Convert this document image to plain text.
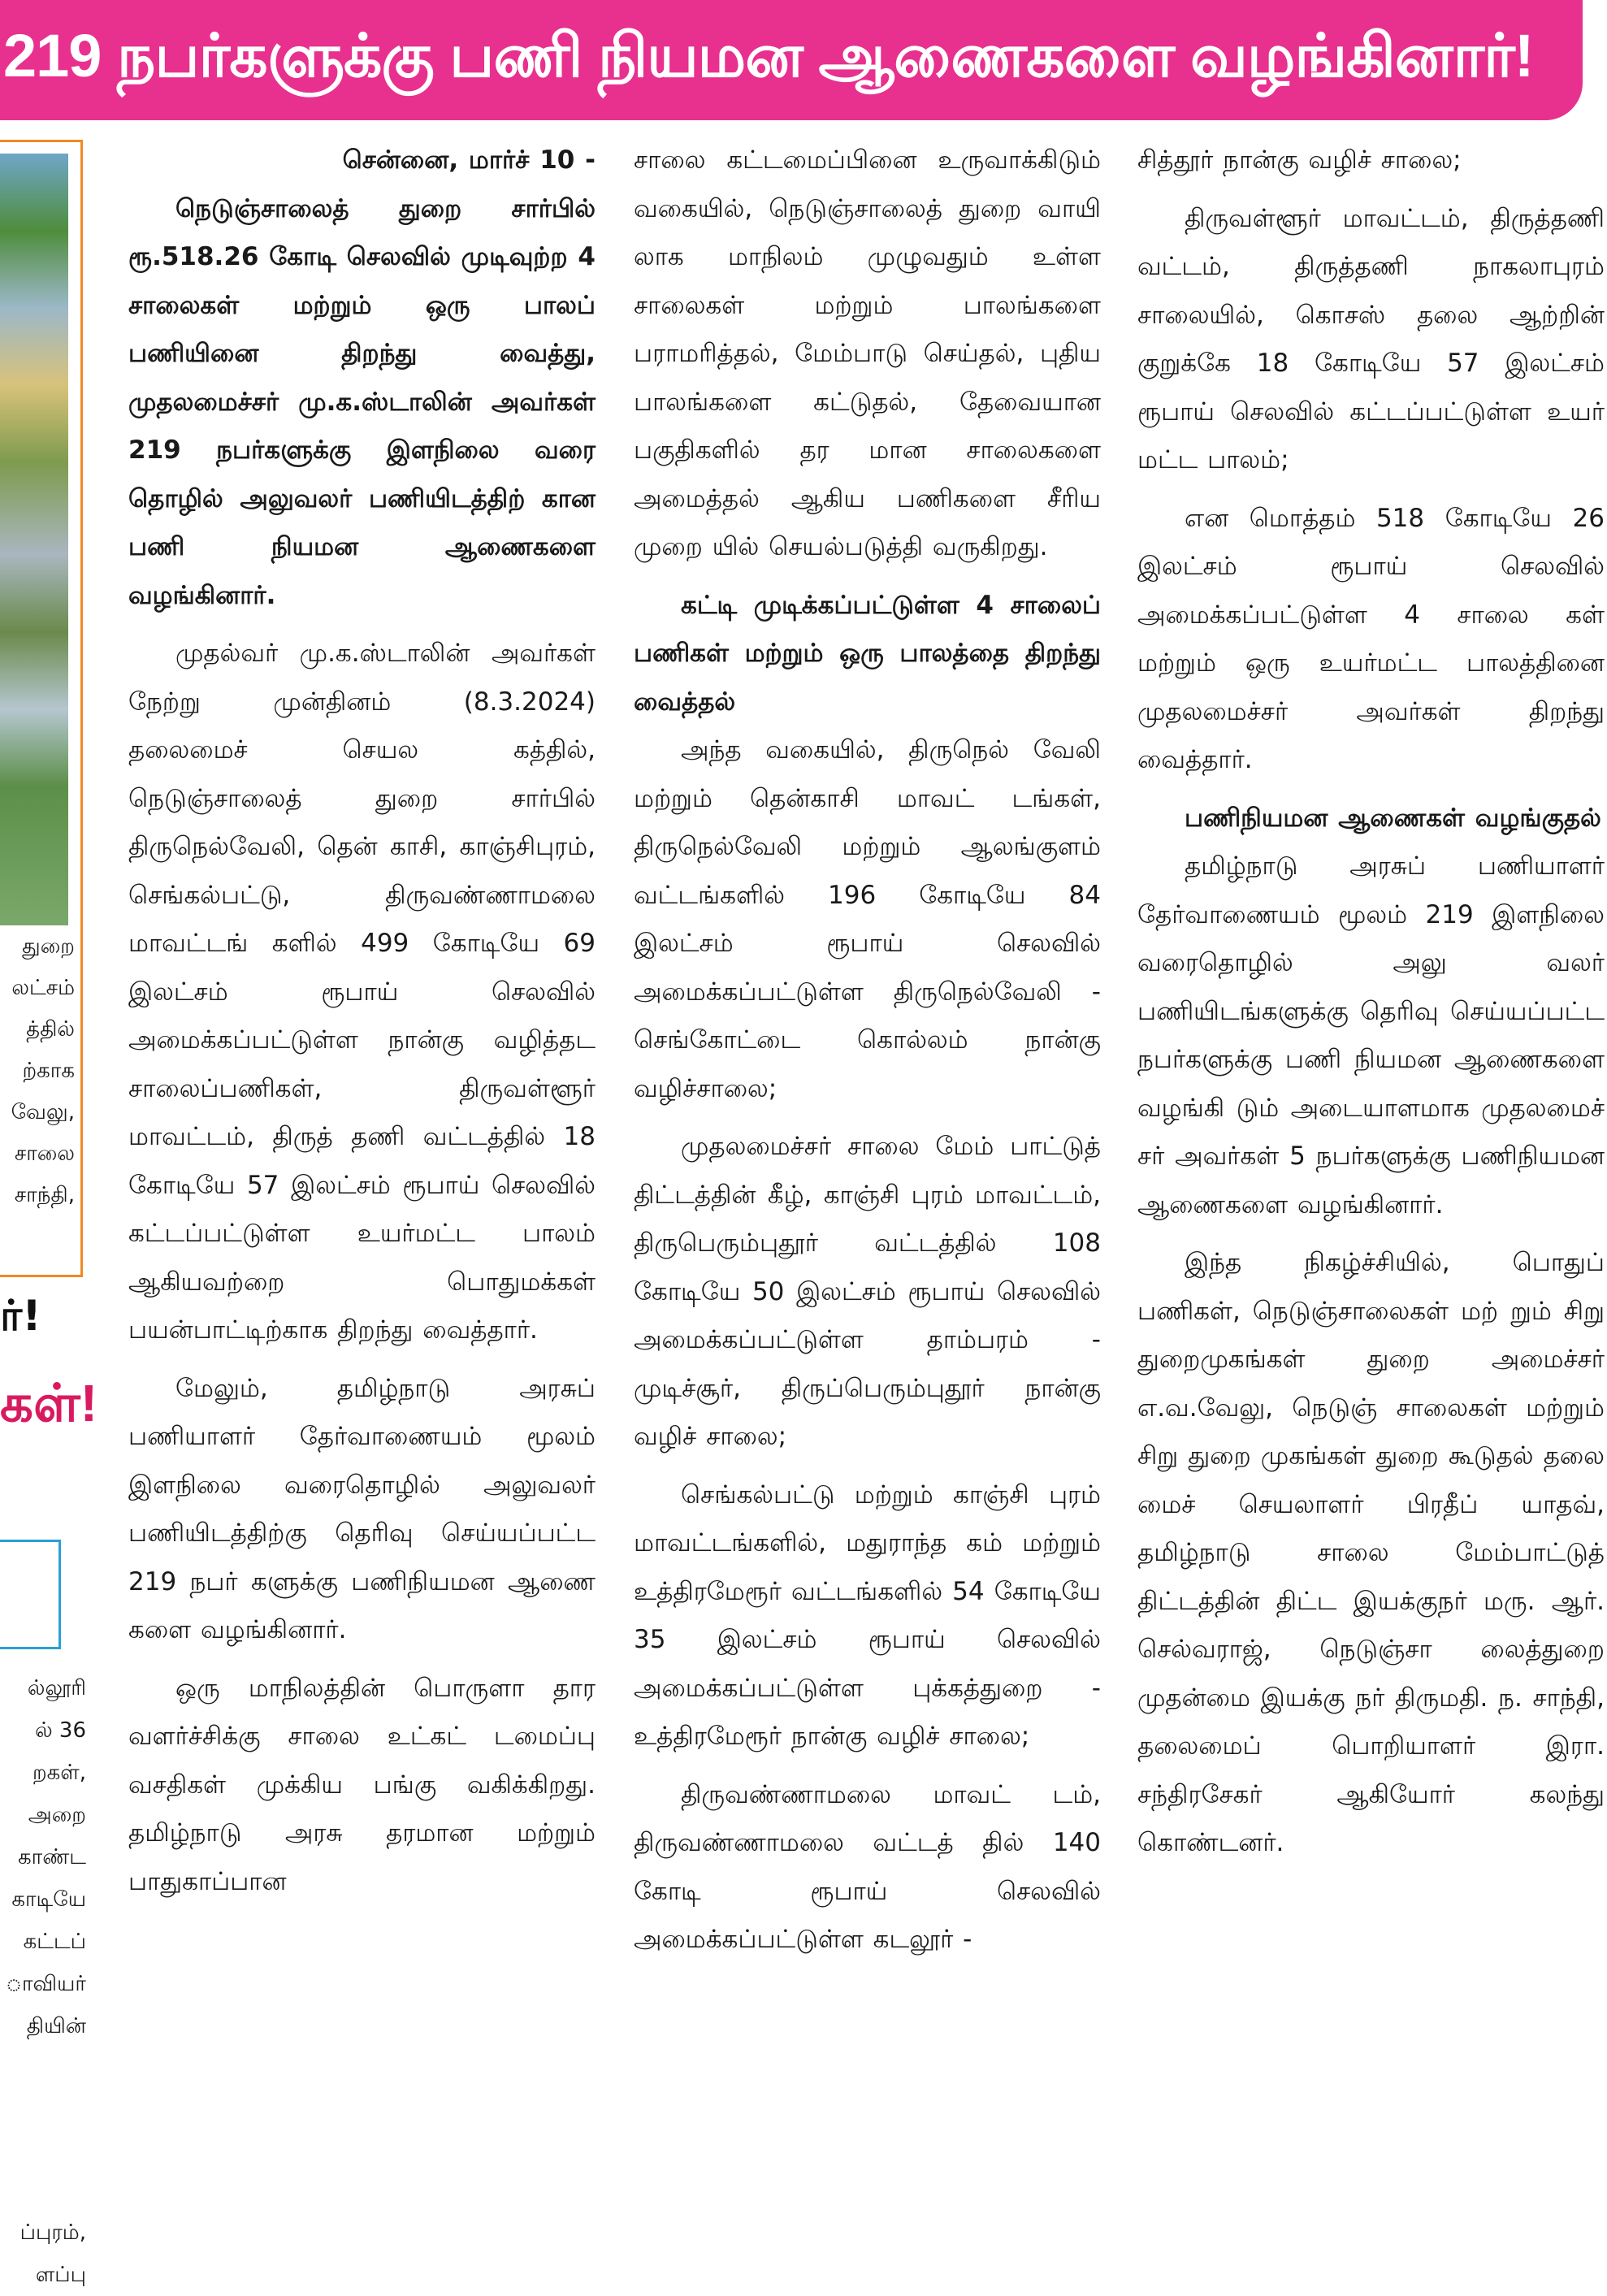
219 நபர்களுக்கு பணி நியமன ஆணைகளை வழங்கினார்!
துறை
லட்சம்
த்தில்
ற்காக
வேலு,
சாலை
சாந்தி,
ர்!
கள்!
ல்லூரி
ல் 36
றகள்,
அறை
காண்ட
காடியே
கட்டப்
ாவியர்
தியின்
ப்புரம்,
ளப்பு

சென்னை, மார்ச் 10 -

நெடுஞ்சாலைத் துறை சார்பில் ரூ.518.26 கோடி செலவில் முடிவுற்ற 4 சாலைகள் மற்றும் ஒரு பாலப் பணியினை திறந்து வைத்து, முதலமைச்சர் மு.க.ஸ்டாலின் அவர்கள் 219 நபர்களுக்கு இளநிலை வரை தொழில் அலுவலர் பணியிடத்திற் கான பணி நியமன ஆணைகளை வழங்கினார்.

முதல்வர் மு.க.ஸ்டாலின் அவர்கள் நேற்று முன்தினம் (8.3.2024) தலைமைச் செயல கத்தில், நெடுஞ்சாலைத் துறை சார்பில் திருநெல்வேலி, தென் காசி, காஞ்சிபுரம், செங்கல்பட்டு, திருவண்ணாமலை மாவட்டங் களில் 499 கோடியே 69 இலட்சம் ரூபாய் செலவில் அமைக்கப்பட்டுள்ள நான்கு வழித்தட சாலைப்பணிகள், திருவள்ளூர் மாவட்டம், திருத் தணி வட்டத்தில் 18 கோடியே 57 இலட்சம் ரூபாய் செலவில் கட்டப்பட்டுள்ள உயர்மட்ட பாலம் ஆகியவற்றை பொதுமக்கள் பயன்பாட்டிற்காக திறந்து வைத்தார்.

மேலும், தமிழ்நாடு அரசுப் பணியாளர் தேர்வாணையம் மூலம் இளநிலை வரைதொழில் அலுவலர் பணியிடத்திற்கு தெரிவு செய்யப்பட்ட 219 நபர் களுக்கு பணிநியமன ஆணை களை வழங்கினார்.

ஒரு மாநிலத்தின் பொருளா தார வளர்ச்சிக்கு சாலை உட்கட் டமைப்பு வசதிகள் முக்கிய பங்கு வகிக்கிறது. தமிழ்நாடு அரசு தரமான மற்றும் பாதுகாப்பான

சாலை கட்டமைப்பினை உருவாக்கிடும் வகையில், நெடுஞ்சாலைத் துறை வாயி லாக மாநிலம் முழுவதும் உள்ள சாலைகள் மற்றும் பாலங்களை பராமரித்தல், மேம்பாடு செய்தல், புதிய பாலங்களை கட்டுதல், தேவையான பகுதிகளில் தர மான சாலைகளை அமைத்தல் ஆகிய பணிகளை சீரிய முறை யில் செயல்படுத்தி வருகிறது.

கட்டி முடிக்கப்பட்டுள்ள 4 சாலைப் பணிகள் மற்றும் ஒரு பாலத்தை திறந்து வைத்தல்

அந்த வகையில், திருநெல் வேலி மற்றும் தென்காசி மாவட் டங்கள், திருநெல்வேலி மற்றும் ஆலங்குளம் வட்டங்களில் 196 கோடியே 84 இலட்சம் ரூபாய் செலவில் அமைக்கப்பட்டுள்ள திருநெல்வேலி - செங்கோட்டை கொல்லம் நான்கு வழிச்சாலை;

முதலமைச்சர் சாலை மேம் பாட்டுத் திட்டத்தின் கீழ், காஞ்சி புரம் மாவட்டம், திருபெரும்புதூர் வட்டத்தில் 108 கோடியே 50 இலட்சம் ரூபாய் செலவில் அமைக்கப்பட்டுள்ள தாம்பரம் - முடிச்சூர், திருப்பெரும்புதூர் நான்கு வழிச் சாலை;

செங்கல்பட்டு மற்றும் காஞ்சி புரம் மாவட்டங்களில், மதுராந்த கம் மற்றும் உத்திரமேரூர் வட்டங்களில் 54 கோடியே 35 இலட்சம் ரூபாய் செலவில் அமைக்கப்பட்டுள்ள புக்கத்துறை - உத்திரமேரூர் நான்கு வழிச் சாலை;

திருவண்ணாமலை மாவட் டம், திருவண்ணாமலை வட்டத் தில் 140 கோடி ரூபாய் செலவில் அமைக்கப்பட்டுள்ள கடலூர் -

சித்தூர் நான்கு வழிச் சாலை;

திருவள்ளூர் மாவட்டம், திருத்தணி வட்டம், திருத்தணி நாகலாபுரம் சாலையில், கொசஸ் தலை ஆற்றின் குறுக்கே 18 கோடியே 57 இலட்சம் ரூபாய் செலவில் கட்டப்பட்டுள்ள உயர் மட்ட பாலம்;

என மொத்தம் 518 கோடியே 26 இலட்சம் ரூபாய் செலவில் அமைக்கப்பட்டுள்ள 4 சாலை கள் மற்றும் ஒரு உயர்மட்ட பாலத்தினை முதலமைச்சர் அவர்கள் திறந்து வைத்தார்.

பணிநியமன ஆணைகள் வழங்குதல்

தமிழ்நாடு அரசுப் பணியாளர் தேர்வாணையம் மூலம் 219 இளநிலை வரைதொழில் அலு வலர் பணியிடங்களுக்கு தெரிவு செய்யப்பட்ட நபர்களுக்கு பணி நியமன ஆணைகளை வழங்கி டும் அடையாளமாக முதலமைச் சர் அவர்கள் 5 நபர்களுக்கு பணிநியமன ஆணைகளை வழங்கினார்.

இந்த நிகழ்ச்சியில், பொதுப் பணிகள், நெடுஞ்சாலைகள் மற் றும் சிறு துறைமுகங்கள் துறை அமைச்சர் எ.வ.வேலு, நெடுஞ் சாலைகள் மற்றும் சிறு துறை முகங்கள் துறை கூடுதல் தலை மைச் செயலாளர் பிரதீப் யாதவ், தமிழ்நாடு சாலை மேம்பாட்டுத் திட்டத்தின் திட்ட இயக்குநர் மரு. ஆர். செல்வராஜ், நெடுஞ்சா லைத்துறை முதன்மை இயக்கு நர் திருமதி. ந. சாந்தி, தலைமைப் பொறியாளர் இரா. சந்திரசேகர் ஆகியோர் கலந்து கொண்டனர்.
